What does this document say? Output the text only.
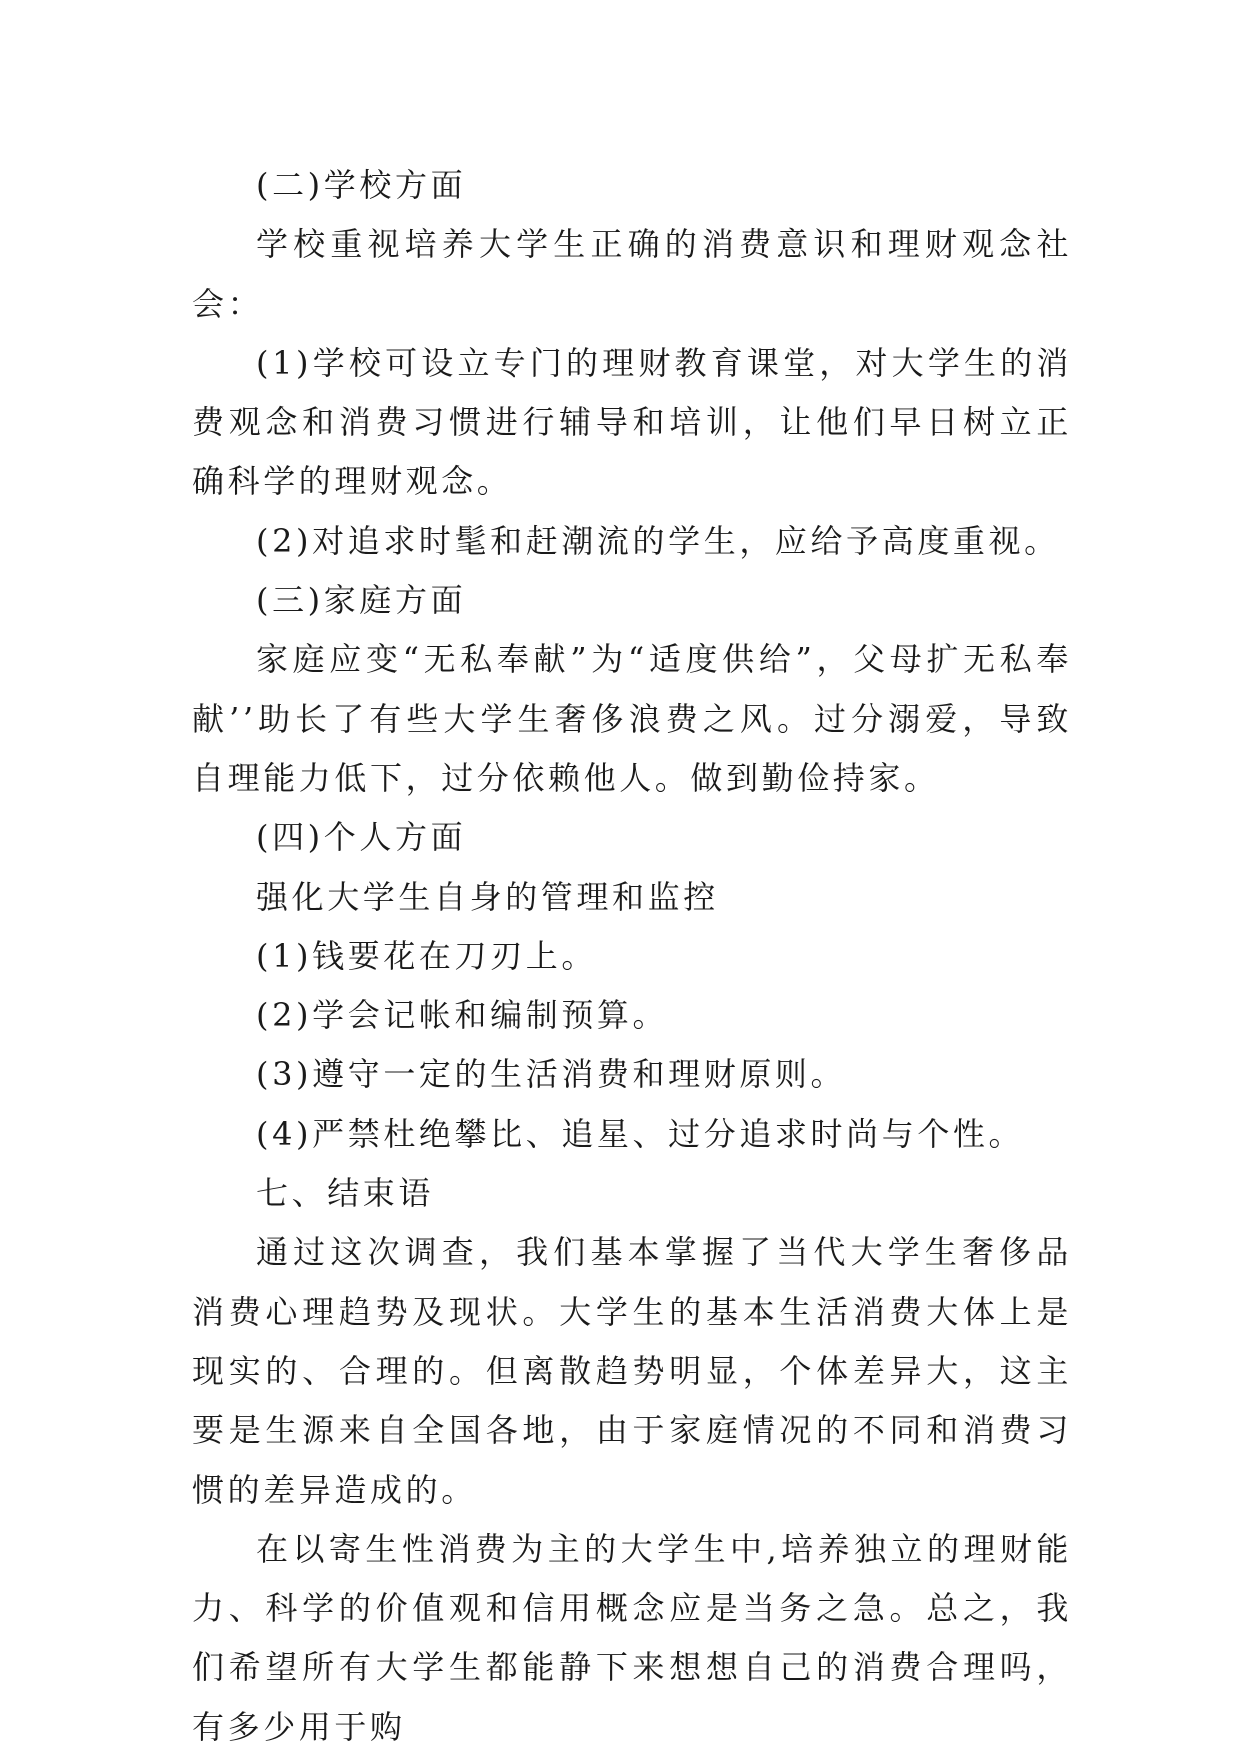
(二)学校方面

学校重视培养大学生正确的消费意识和理财观念社会：

(1)学校可设立专门的理财教育课堂，对大学生的消费观念和消费习惯进行辅导和培训，让他们早日树立正确科学的理财观念。

(2)对追求时髦和赶潮流的学生，应给予高度重视。

(三)家庭方面

家庭应变“无私奉献”为“适度供给”，父母扩无私奉献’’助长了有些大学生奢侈浪费之风。过分溺爱，导致自理能力低下，过分依赖他人。做到勤俭持家。

(四)个人方面

强化大学生自身的管理和监控

(1)钱要花在刀刃上。

(2)学会记帐和编制预算。

(3)遵守一定的生活消费和理财原则。

(4)严禁杜绝攀比、追星、过分追求时尚与个性。

七、结束语

通过这次调查，我们基本掌握了当代大学生奢侈品消费心理趋势及现状。大学生的基本生活消费大体上是现实的、合理的。但离散趋势明显，个体差异大，这主要是生源来自全国各地，由于家庭情况的不同和消费习惯的差异造成的。

在以寄生性消费为主的大学生中,培养独立的理财能力、科学的价值观和信用概念应是当务之急。总之，我们希望所有大学生都能静下来想想自己的消费合理吗，有多少用于购
